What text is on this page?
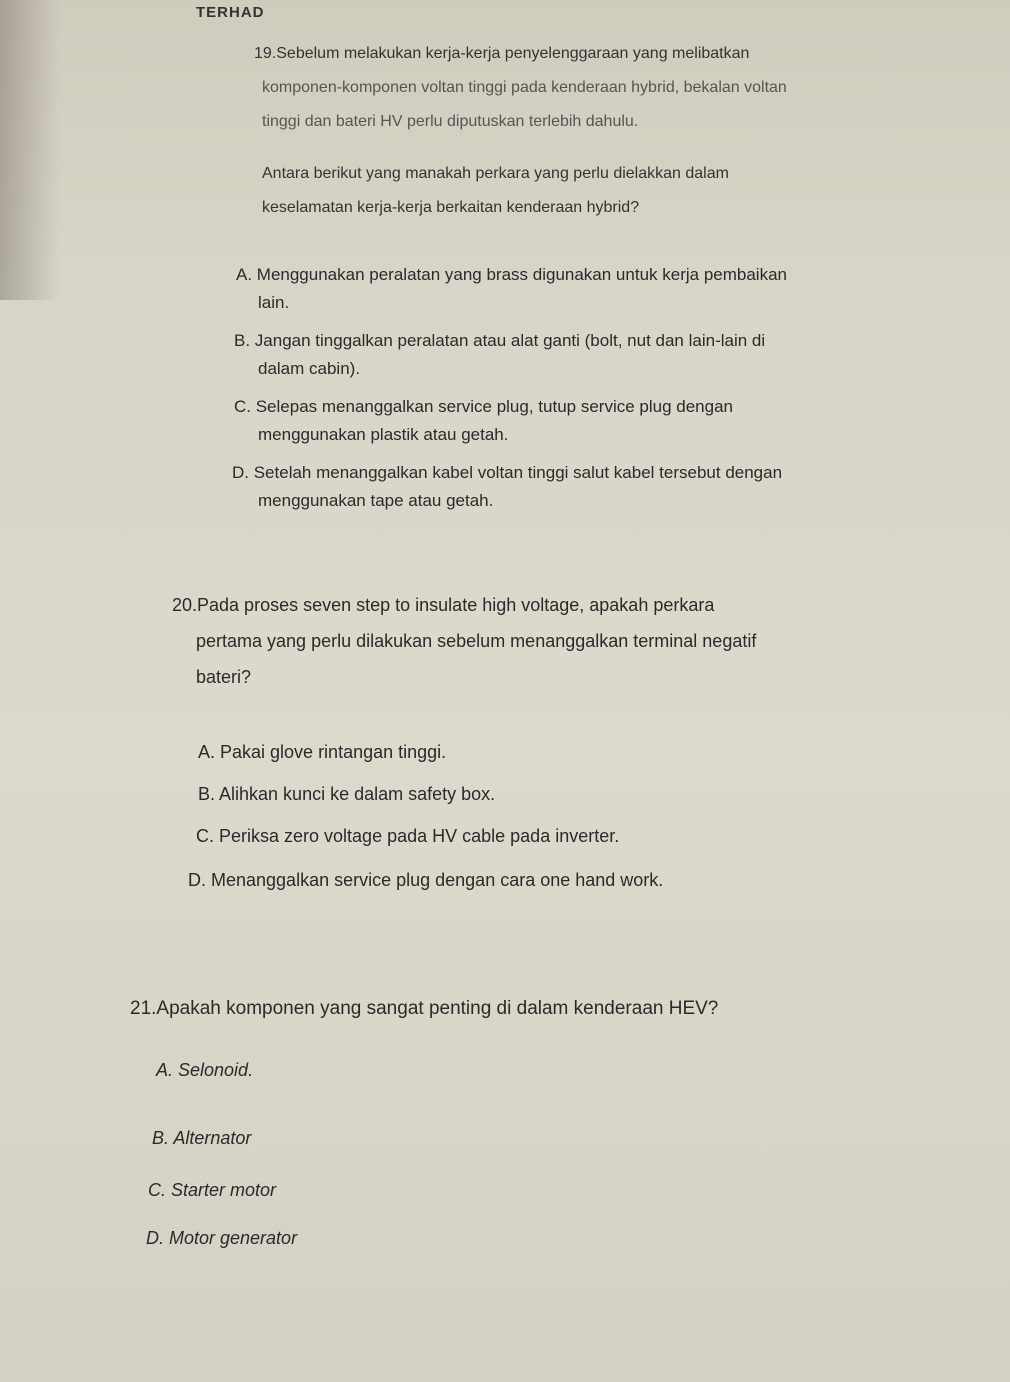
TERHAD
19.Sebelum melakukan kerja-kerja penyelenggaraan yang melibatkan
komponen-komponen voltan tinggi pada kenderaan hybrid, bekalan voltan
tinggi dan bateri HV perlu diputuskan terlebih dahulu.
Antara berikut yang manakah perkara yang perlu dielakkan dalam
keselamatan kerja-kerja berkaitan kenderaan hybrid?
A. Menggunakan peralatan yang brass digunakan untuk kerja pembaikan
lain.
B. Jangan tinggalkan peralatan atau alat ganti (bolt, nut dan lain-lain di
dalam cabin).
C. Selepas menanggalkan service plug, tutup service plug dengan
menggunakan plastik atau getah.
D. Setelah menanggalkan kabel voltan tinggi salut kabel tersebut dengan
menggunakan tape atau getah.
20.Pada proses seven step to insulate high voltage, apakah perkara
pertama yang perlu dilakukan sebelum menanggalkan terminal negatif
bateri?
A. Pakai glove rintangan tinggi.
B. Alihkan kunci ke dalam safety box.
C. Periksa zero voltage pada HV cable pada inverter.
D. Menanggalkan service plug dengan cara one hand work.
21.Apakah komponen yang sangat penting di dalam kenderaan HEV?
A. Selonoid.
B. Alternator
C. Starter motor
D. Motor generator
